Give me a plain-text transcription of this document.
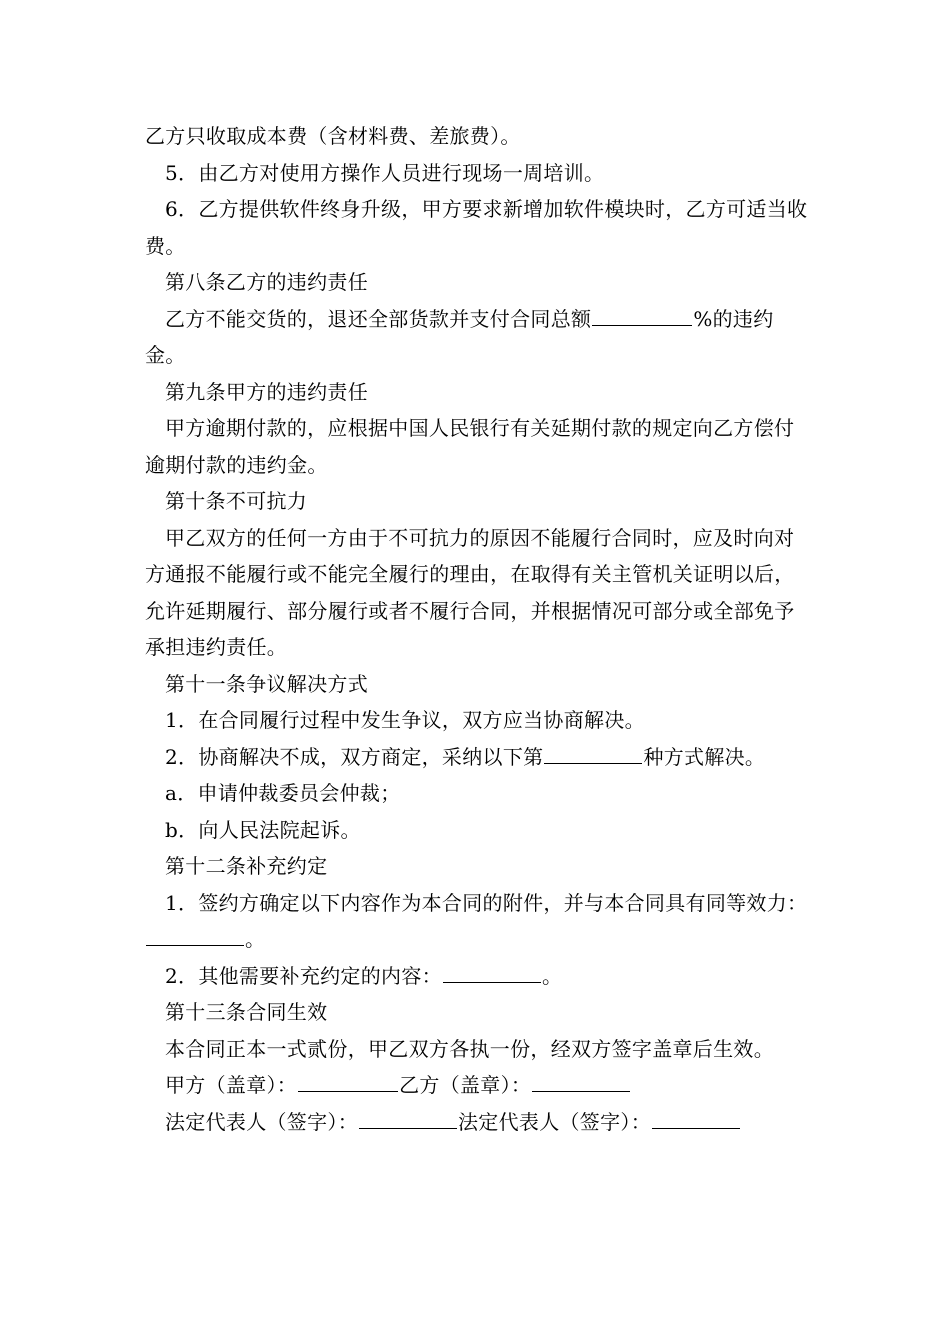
乙方只收取成本费（含材料费、差旅费）。

5．由乙方对使用方操作人员进行现场一周培训。

6．乙方提供软件终身升级，甲方要求新增加软件模块时，乙方可适当收费。

第八条乙方的违约责任

乙方不能交货的，退还全部货款并支付合同总额	%的违约金。

第九条甲方的违约责任

甲方逾期付款的，应根据中国人民银行有关延期付款的规定向乙方偿付逾期付款的违约金。

第十条不可抗力

甲乙双方的任何一方由于不可抗力的原因不能履行合同时，应及时向对方通报不能履行或不能完全履行的理由，在取得有关主管机关证明以后，允许延期履行、部分履行或者不履行合同，并根据情况可部分或全部免予承担违约责任。

第十一条争议解决方式

1．在合同履行过程中发生争议，双方应当协商解决。

2．协商解决不成，双方商定，采纳以下第	种方式解决。

a．申请仲裁委员会仲裁；

b．向人民法院起诉。

第十二条补充约定

1．签约方确定以下内容作为本合同的附件，并与本合同具有同等效力：。

2．其他需要补充约定的内容：	。

第十三条合同生效

本合同正本一式贰份，甲乙双方各执一份，经双方签字盖章后生效。

甲方（盖章）：	乙方（盖章）：

法定代表人（签字）：	法定代表人（签字）：
